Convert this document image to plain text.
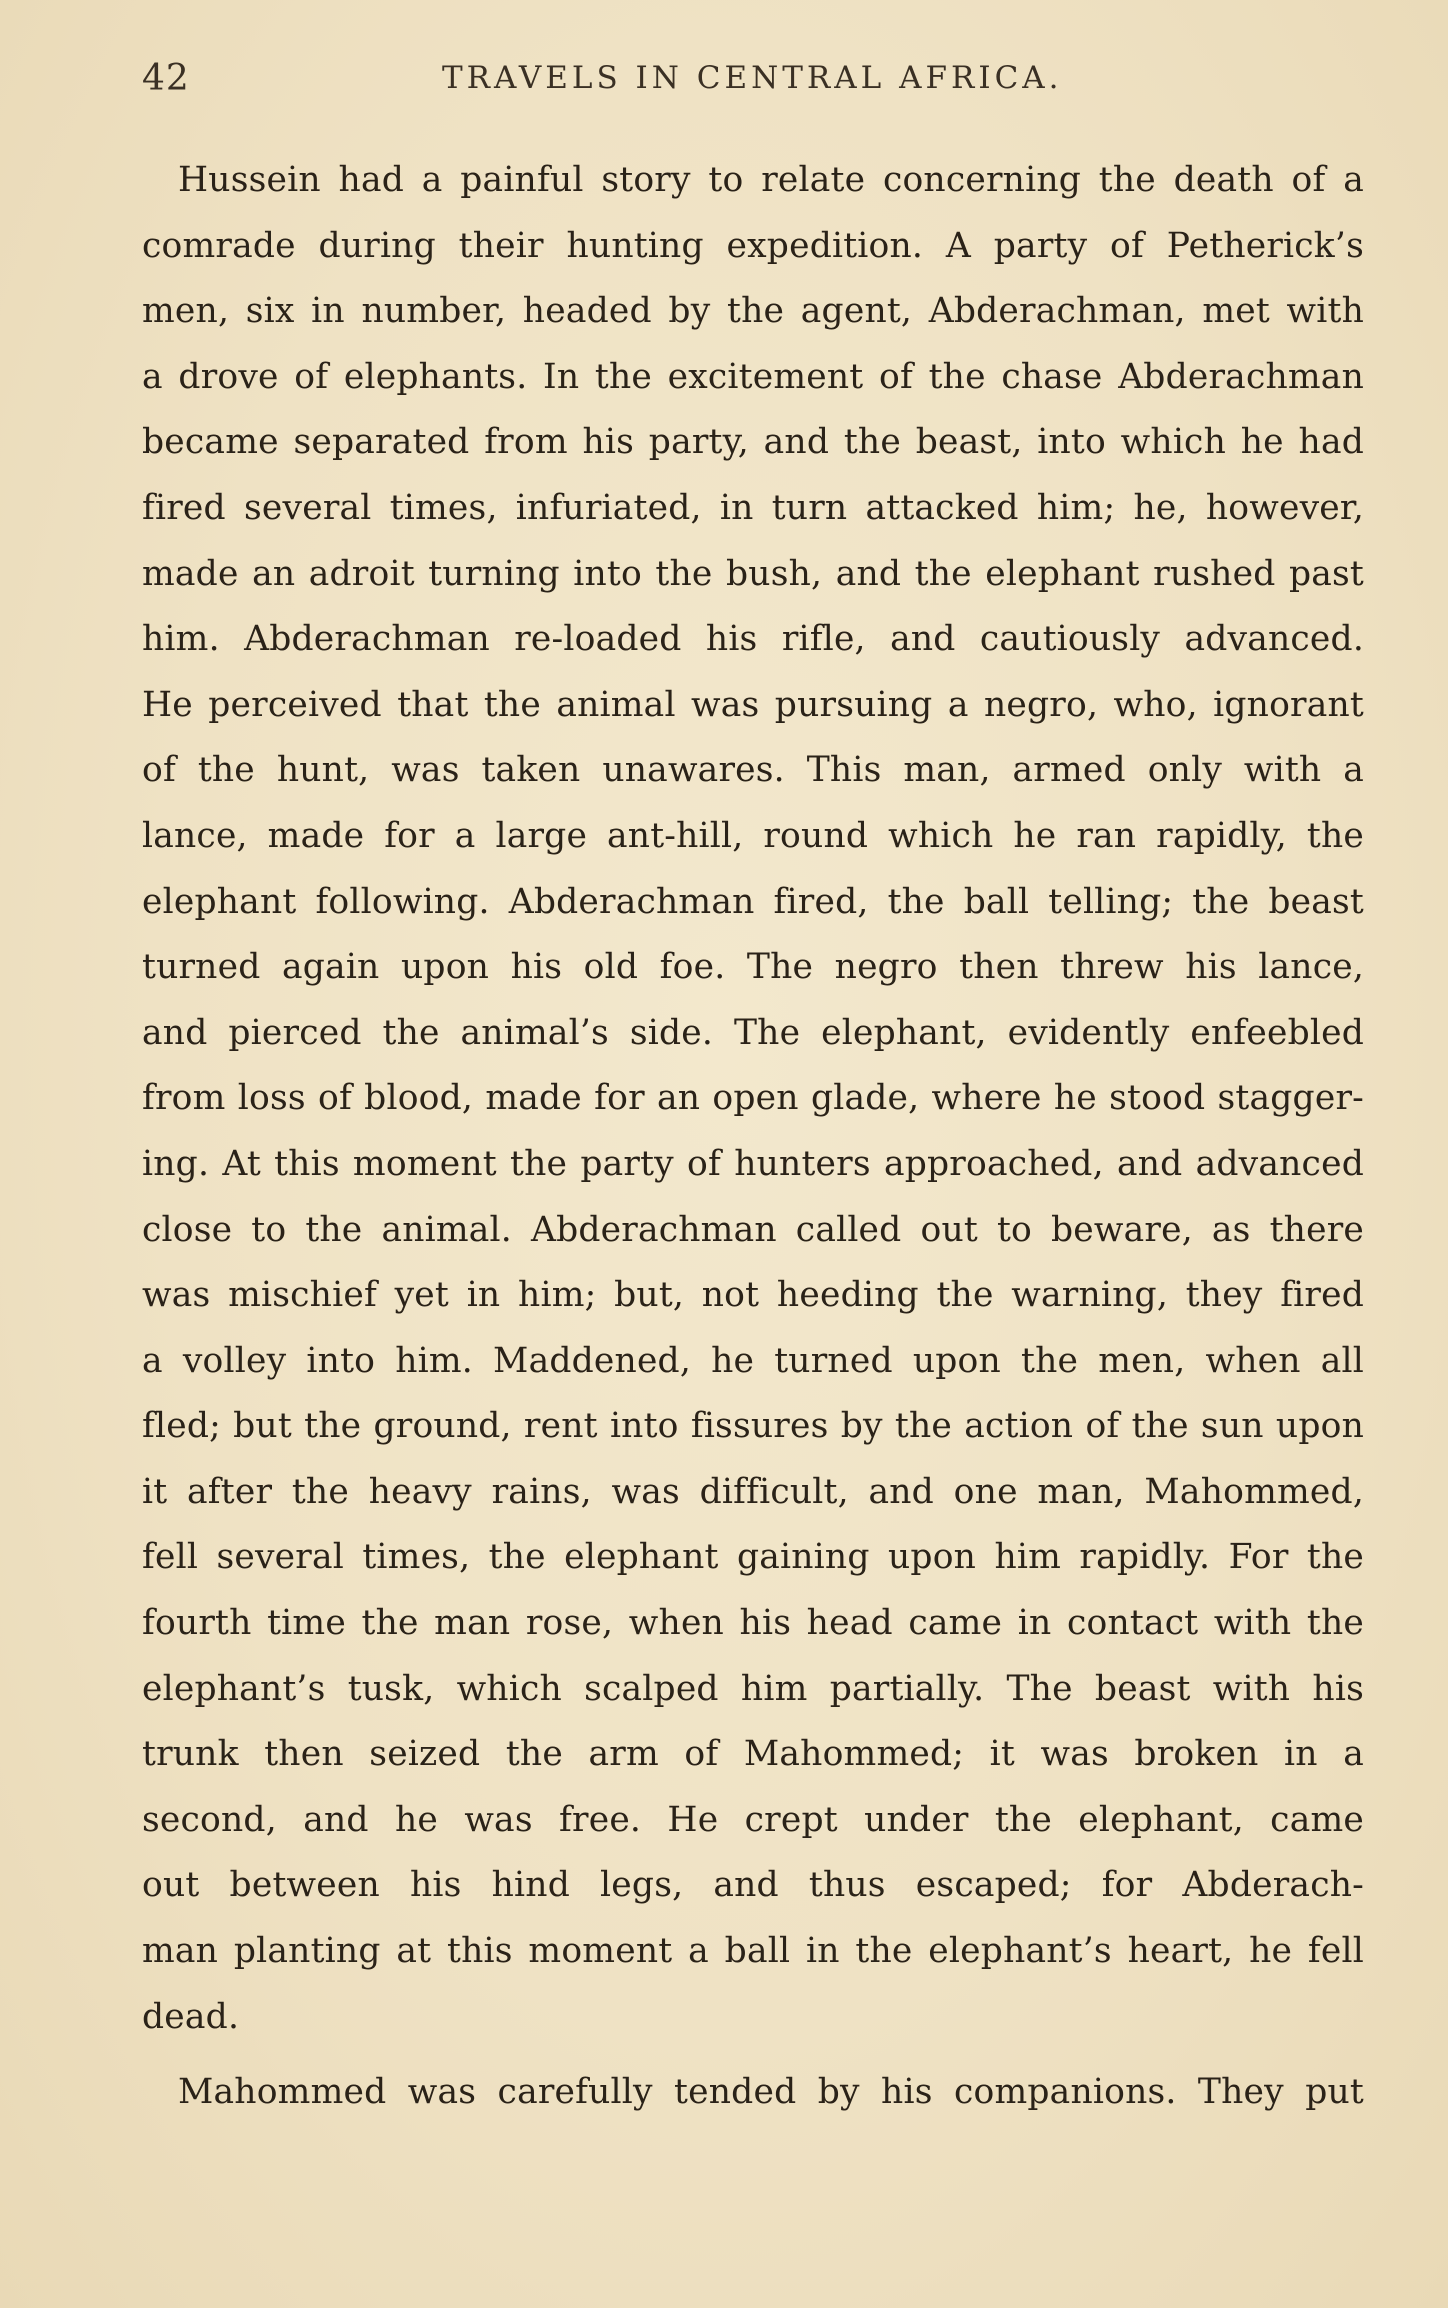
42	TRAVELS IN CENTRAL AFRICA.
Hussein had a painful story to relate concerning the death of a
comrade during their hunting expedition. A party of Petherick’s
men, six in number, headed by the agent, Abderachman, met with
a drove of elephants. In the excitement of the chase Abderachman
became separated from his party, and the beast, into which he had
fired several times, infuriated, in turn attacked him; he, however,
made an adroit turning into the bush, and the elephant rushed past
him. Abderachman re-loaded his rifle, and cautiously advanced.
He perceived that the animal was pursuing a negro, who, ignorant
of the hunt, was taken unawares. This man, armed only with a
lance, made for a large ant-hill, round which he ran rapidly, the
elephant following. Abderachman fired, the ball telling; the beast
turned again upon his old foe. The negro then threw his lance,
and pierced the animal’s side. The elephant, evidently enfeebled
from loss of blood, made for an open glade, where he stood stagger-
ing. At this moment the party of hunters approached, and advanced
close to the animal. Abderachman called out to beware, as there
was mischief yet in him; but, not heeding the warning, they fired
a volley into him. Maddened, he turned upon the men, when all
fled; but the ground, rent into fissures by the action of the sun upon
it after the heavy rains, was difficult, and one man, Mahommed,
fell several times, the elephant gaining upon him rapidly. For the
fourth time the man rose, when his head came in contact with the
elephant’s tusk, which scalped him partially. The beast with his
trunk then seized the arm of Mahommed; it was broken in a
second, and he was free. He crept under the elephant, came
out between his hind legs, and thus escaped; for Abderach-
man planting at this moment a ball in the elephant’s heart, he fell
dead.
Mahommed was carefully tended by his companions. They put
